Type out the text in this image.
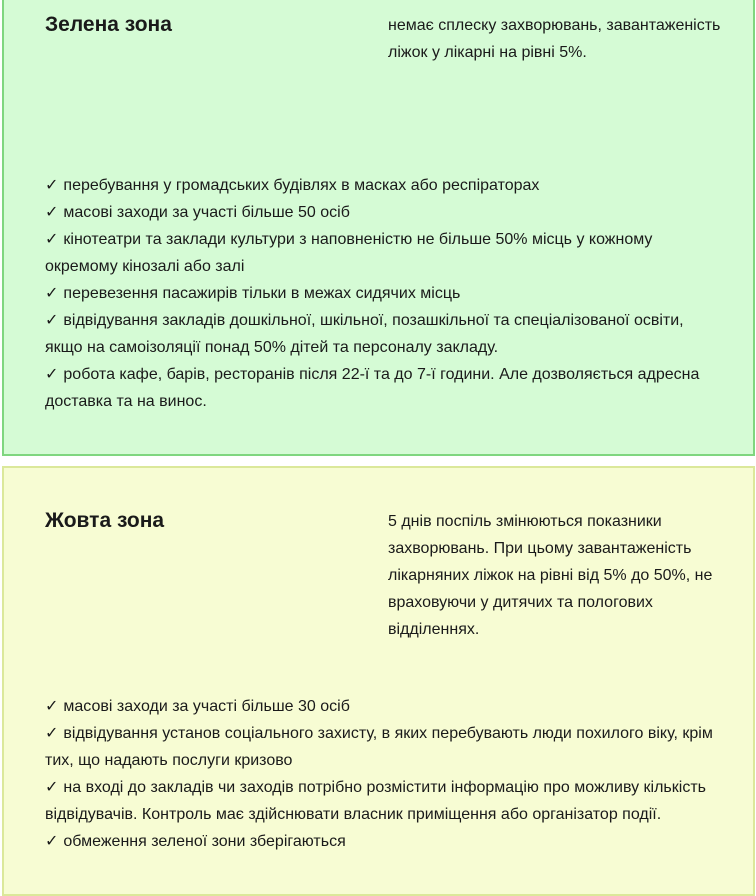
Зелена зона	немає сплеску захворювань, завантаженість ліжок у лікарні на рівні 5%.

✓ перебування у громадських будівлях в масках або респіраторах
✓ масові заходи за участі більше 50 осіб
✓ кінотеатри та заклади культури з наповненістю не більше 50% місць у кожному окремому кінозалі або залі
✓ перевезення пасажирів тільки в межах сидячих місць
✓ відвідування закладів дошкільної, шкільної, позашкільної та спеціалізованої освіти, якщо на самоізоляції понад 50% дітей та персоналу закладу.
✓ робота кафе, барів, ресторанів після 22-ї та до 7-ї години. Але дозволяється адресна доставка та на винос.
Жовта зона	5 днів поспіль змінюються показники захворювань. При цьому завантаженість лікарняних ліжок на рівні від 5% до 50%, не враховуючи у дитячих та пологових відділеннях.

✓ масові заходи за участі більше 30 осіб
✓ відвідування установ соціального захисту, в яких перебувають люди похилого віку, крім тих, що надають послуги кризово
✓ на вході до закладів чи заходів потрібно розмістити інформацію про можливу кількість відвідувачів. Контроль має здійснювати власник приміщення або організатор події.
✓ обмеження зеленої зони зберігаються
